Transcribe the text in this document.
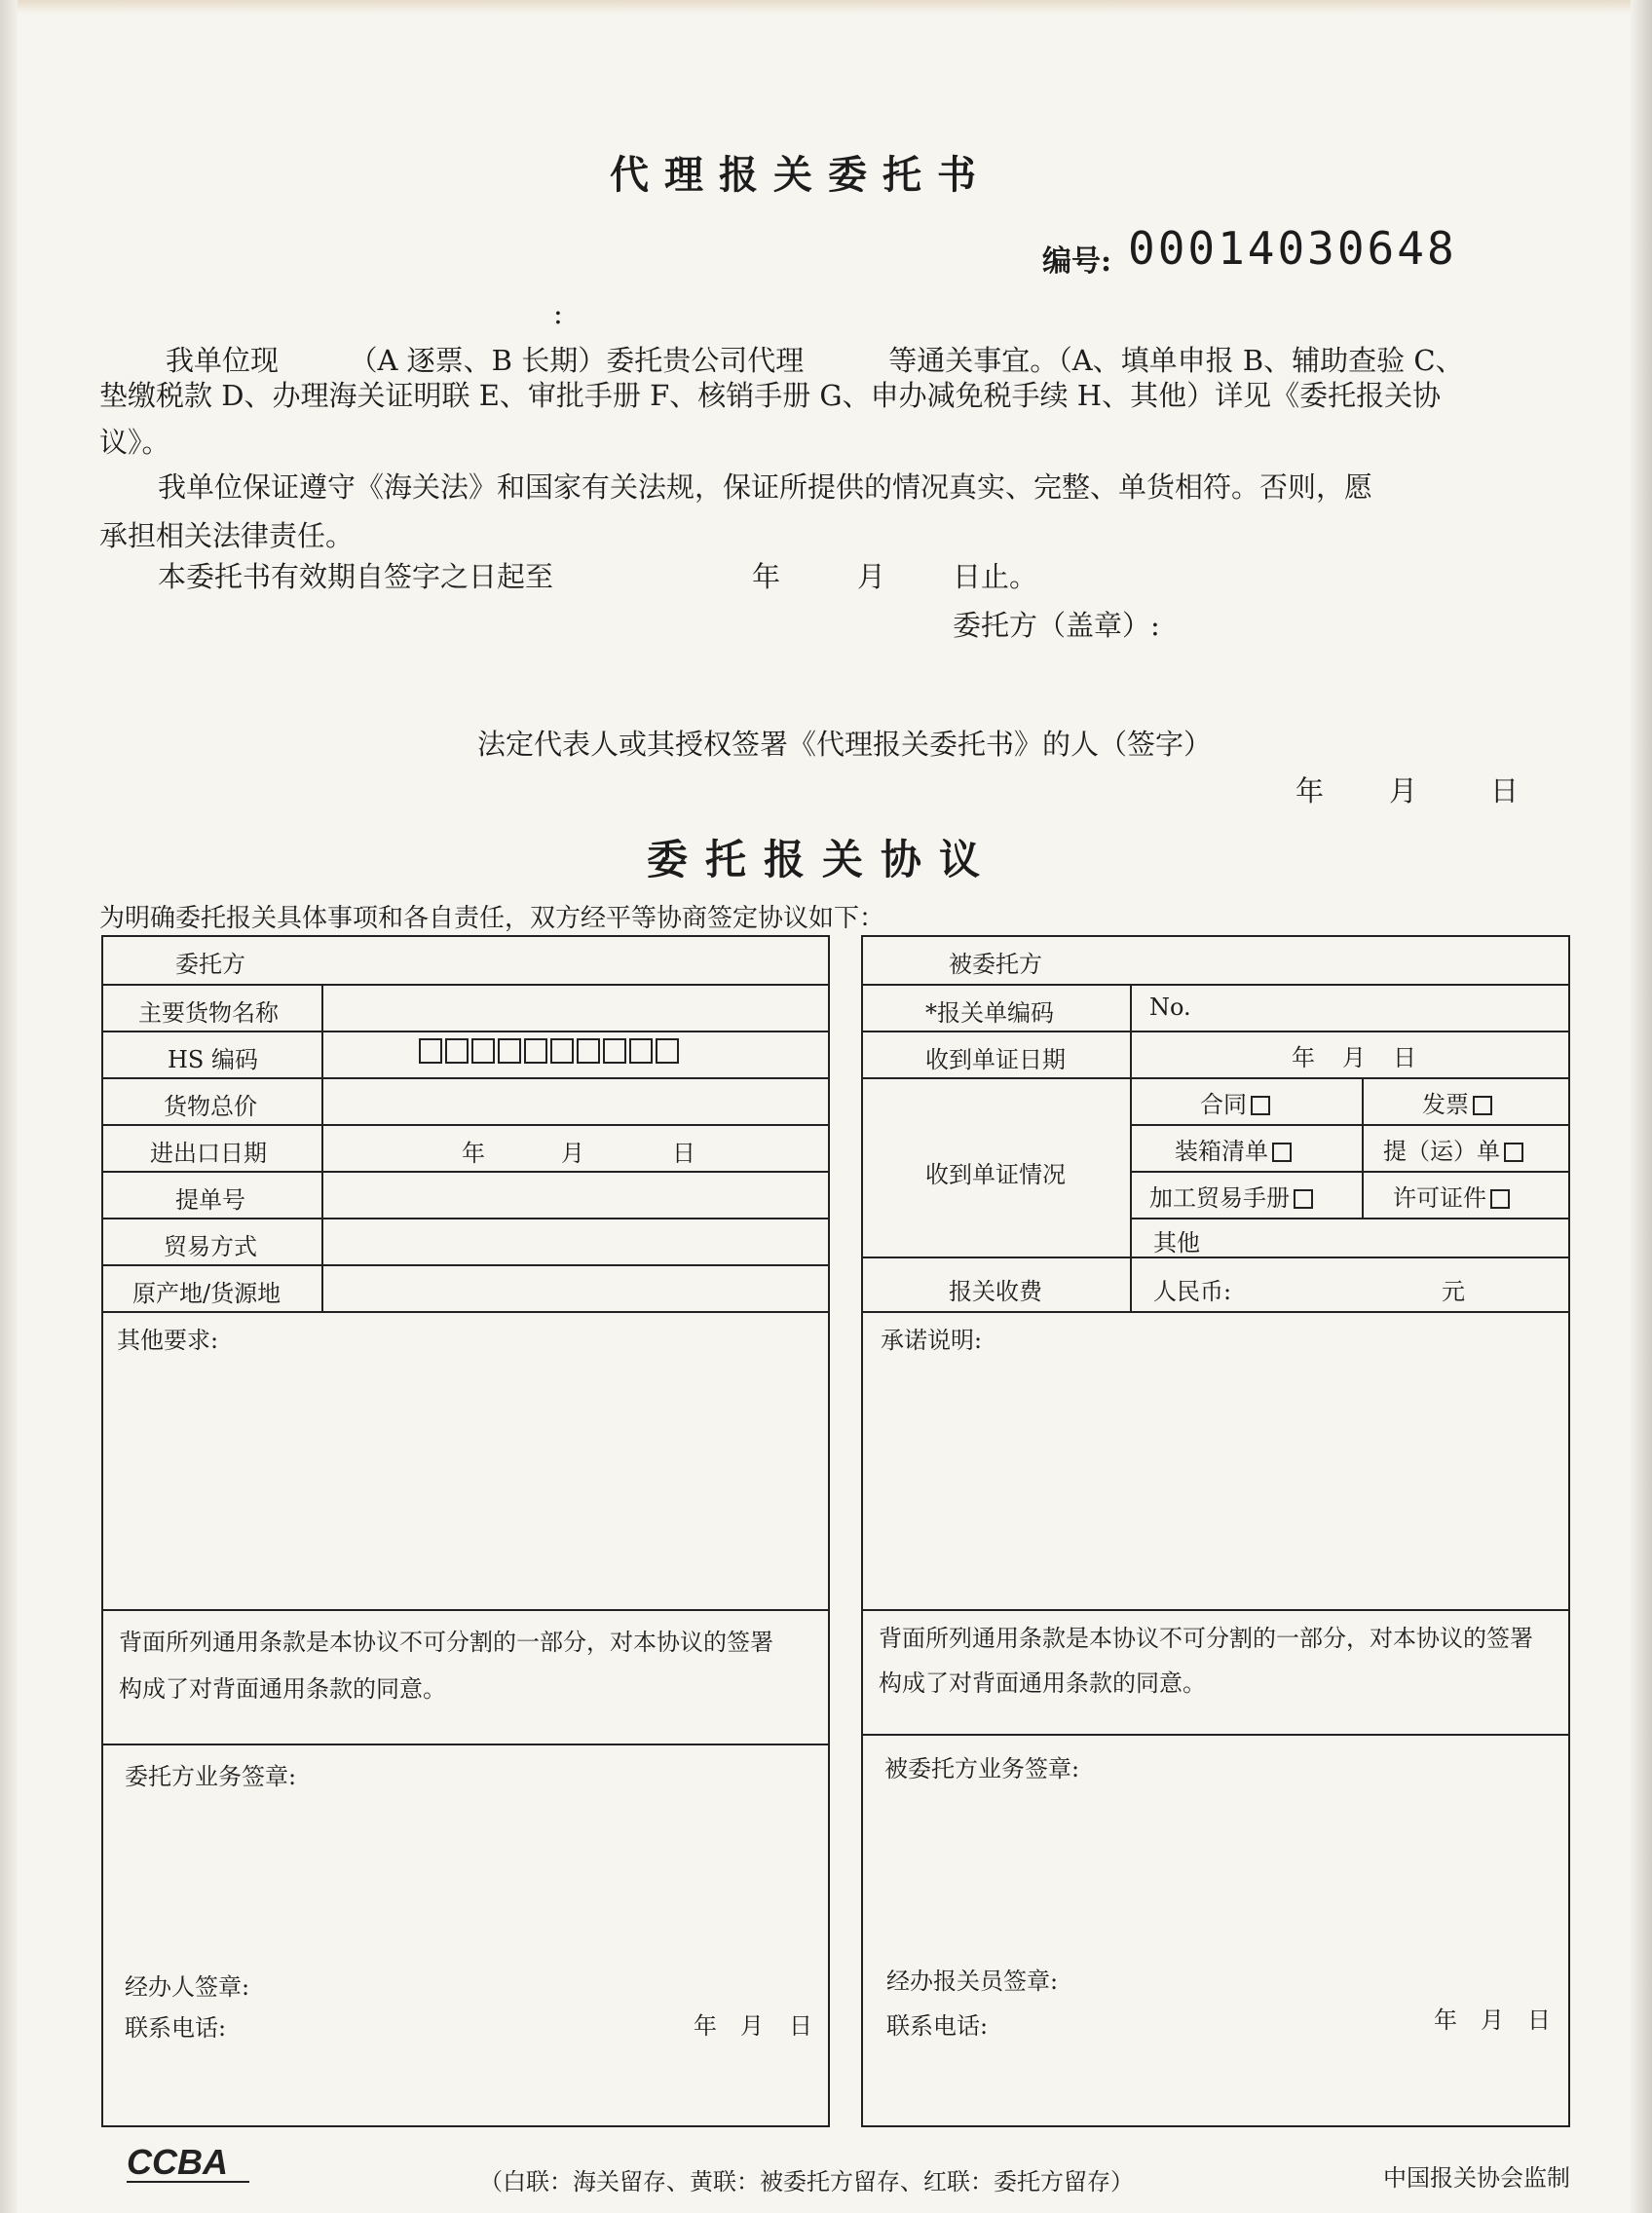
代理报关委托书
编号: 00014030648
:
我单位现　　　（A 逐票、B 长期）委托贵公司代理　　　等通关事宜。（A、填单申报 B、辅助查验 C、
垫缴税款 D、办理海关证明联 E、审批手册 F、核销手册 G、申办减免税手续 H、其他）详见《委托报关协
议》。
我单位保证遵守《海关法》和国家有关法规，保证所提供的情况真实、完整、单货相符。否则，愿
承担相关法律责任。
本委托书有效期自签字之日起至	年	月 日止。
委托方（盖章）:
法定代表人或其授权签署《代理报关委托书》的人（签字）
年 月	日
委托报关协议
为明确委托报关具体事项和各自责任，双方经平等协商签定协议如下：
委托方
主要货物名称
HS 编码
货物总价
进出口日期	年	月	日
提单号
贸易方式
原产地/货源地
其他要求:
背面所列通用条款是本协议不可分割的一部分，对本协议的签署
构成了对背面通用条款的同意。
委托方业务签章:
经办人签章:
联系电话:	年 月 日
被委托方
*报关单编码	No.
收到单证日期	年 月 日
收到单证情况
合同	发票
装箱清单	提（运）单
加工贸易手册	许可证件
其他
报关收费	人民币:	元
承诺说明:
背面所列通用条款是本协议不可分割的一部分，对本协议的签署
构成了对背面通用条款的同意。
被委托方业务签章:
经办报关员签章:
联系电话:	年 月 日
CCBA	（白联：海关留存、黄联：被委托方留存、红联：委托方留存）	中国报关协会监制
